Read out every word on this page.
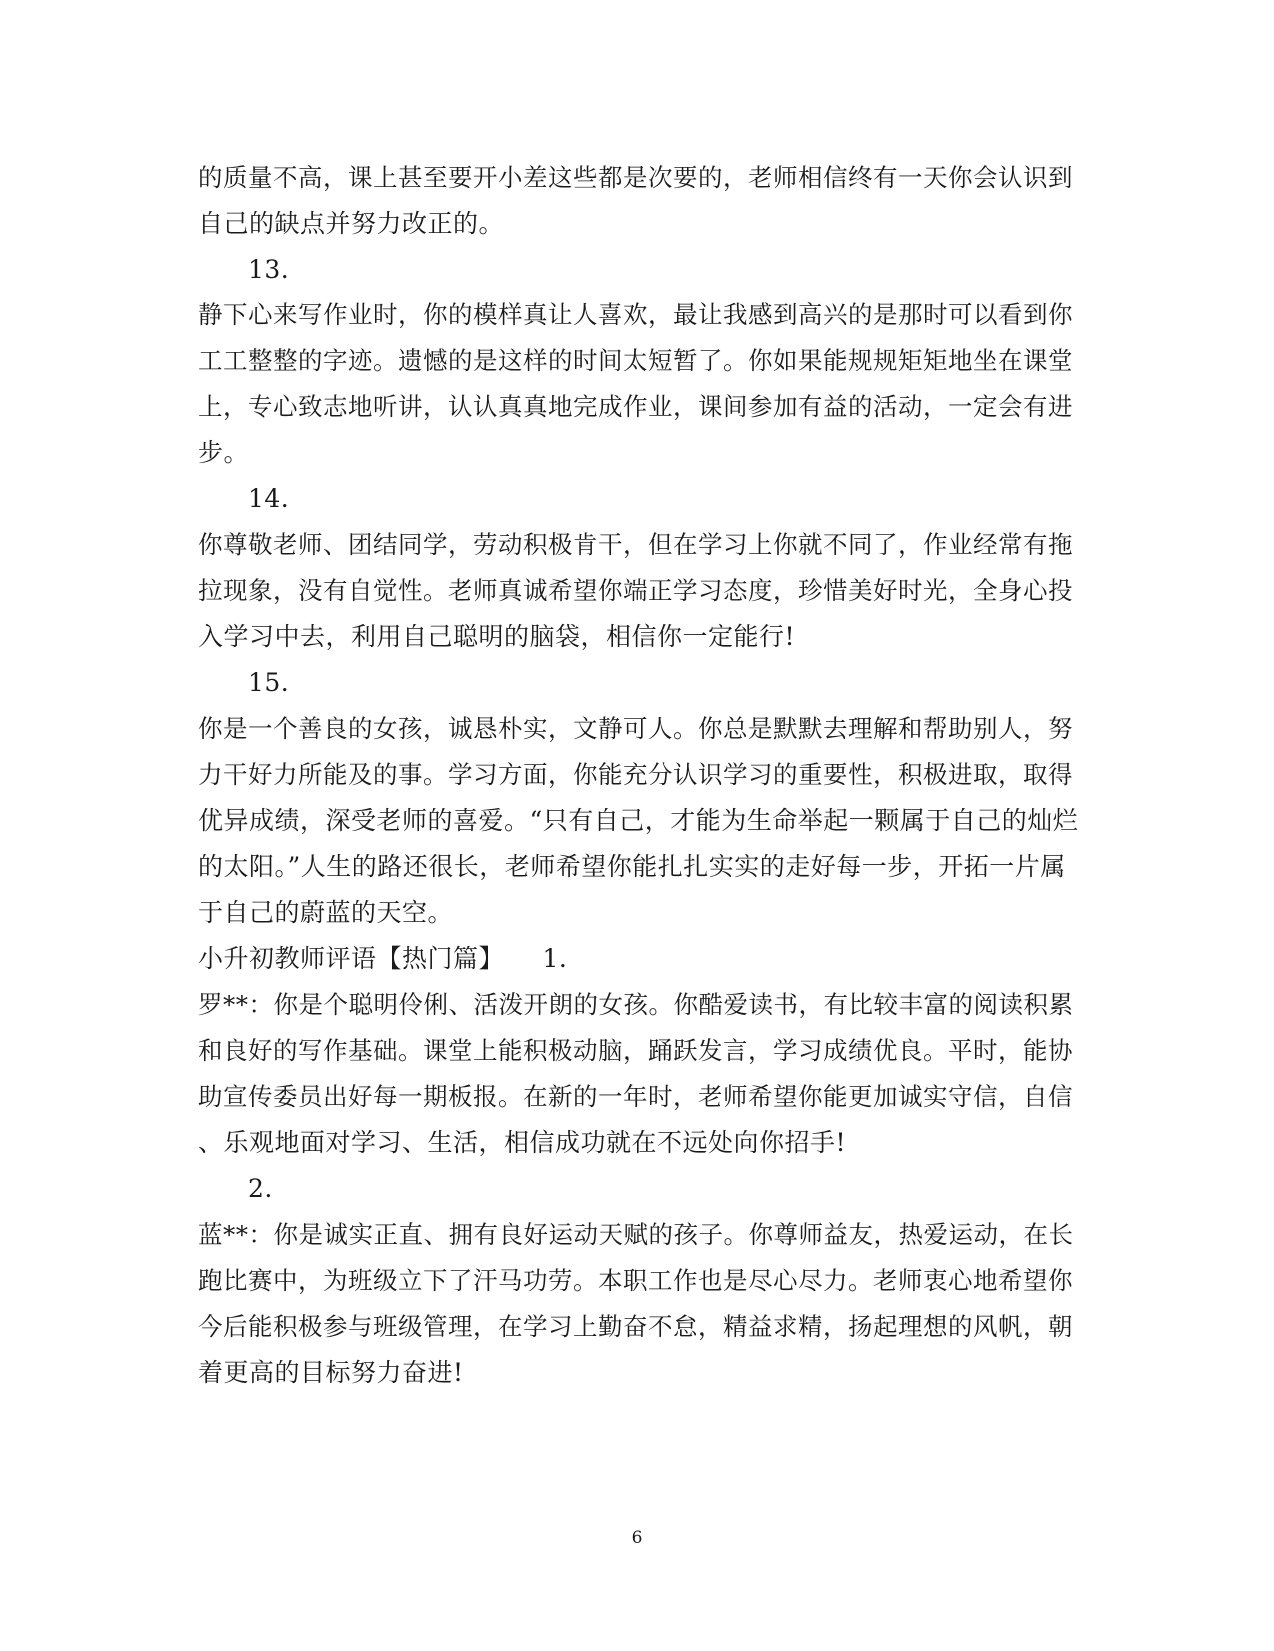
的质量不高，课上甚至要开小差这些都是次要的，老师相信终有一天你会认识到
自己的缺点并努力改正的。
13.
静下心来写作业时，你的模样真让人喜欢，最让我感到高兴的是那时可以看到你
工工整整的字迹。遗憾的是这样的时间太短暂了。你如果能规规矩矩地坐在课堂
上，专心致志地听讲，认认真真地完成作业，课间参加有益的活动，一定会有进
步。
14.
你尊敬老师、团结同学，劳动积极肯干，但在学习上你就不同了，作业经常有拖
拉现象，没有自觉性。老师真诚希望你端正学习态度，珍惜美好时光，全身心投
入学习中去，利用自己聪明的脑袋，相信你一定能行!
15.
你是一个善良的女孩，诚恳朴实，文静可人。你总是默默去理解和帮助别人，努
力干好力所能及的事。学习方面，你能充分认识学习的重要性，积极进取，取得
优异成绩，深受老师的喜爱。“只有自己，才能为生命举起一颗属于自己的灿烂
的太阳。”人生的路还很长，老师希望你能扎扎实实的走好每一步，开拓一片属
于自己的蔚蓝的天空。
小升初教师评语【热门篇】　　1.
罗**：你是个聪明伶俐、活泼开朗的女孩。你酷爱读书，有比较丰富的阅读积累
和良好的写作基础。课堂上能积极动脑，踊跃发言，学习成绩优良。平时，能协
助宣传委员出好每一期板报。在新的一年时，老师希望你能更加诚实守信，自信
、乐观地面对学习、生活，相信成功就在不远处向你招手!
2.
蓝**：你是诚实正直、拥有良好运动天赋的孩子。你尊师益友，热爱运动，在长
跑比赛中，为班级立下了汗马功劳。本职工作也是尽心尽力。老师衷心地希望你
今后能积极参与班级管理，在学习上勤奋不怠，精益求精，扬起理想的风帆，朝
着更高的目标努力奋进!
6
